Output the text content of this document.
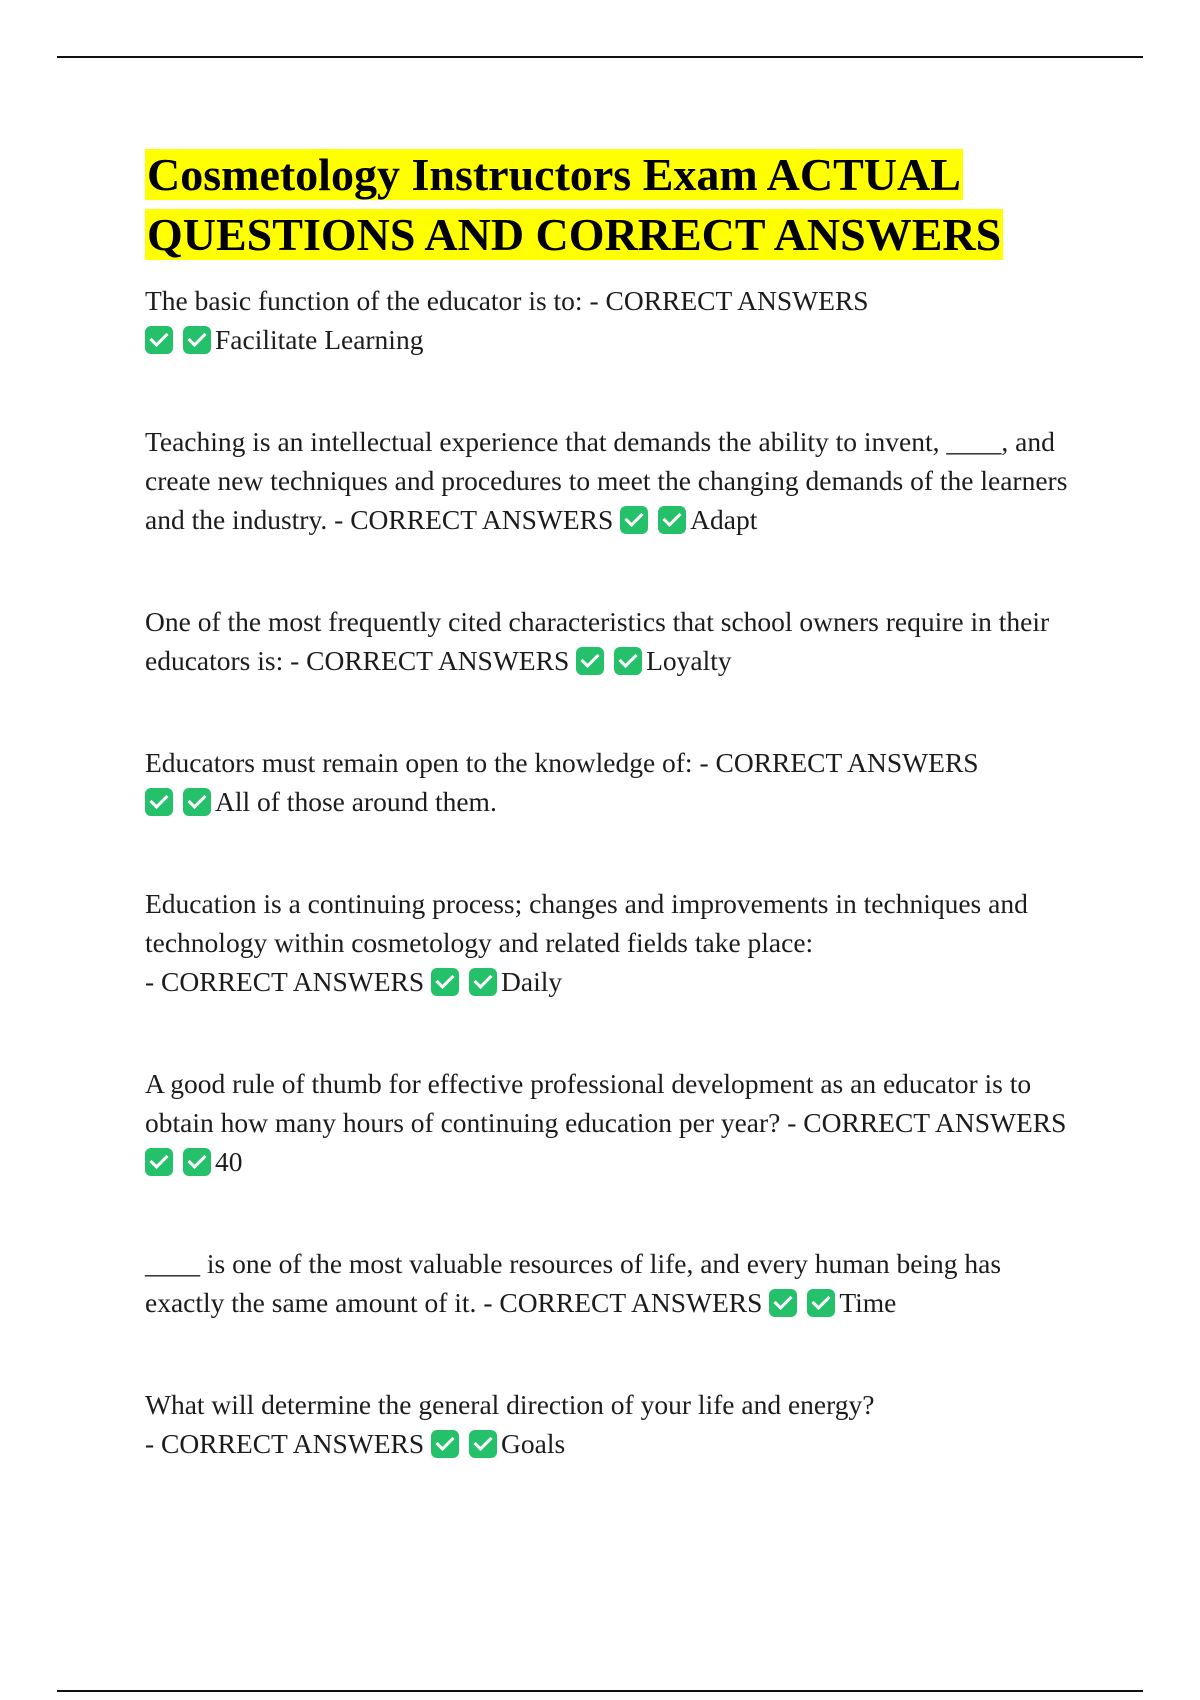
Cosmetology Instructors Exam ACTUAL
QUESTIONS AND CORRECT ANSWERS

The basic function of the educator is to: - CORRECT ANSWERS Facilitate Learning

Teaching is an intellectual experience that demands the ability to invent, ____, and create new techniques and procedures to meet the changing demands of the learners and the industry. - CORRECT ANSWERS	Adapt

One of the most frequently cited characteristics that school owners require in their educators is: - CORRECT ANSWERS	Loyalty

Educators must remain open to the knowledge of: - CORRECT ANSWERS All of those around them.

Education is a continuing process; changes and improvements in techniques and technology within cosmetology and related fields take place: - CORRECT ANSWERS	Daily

A good rule of thumb for effective professional development as an educator is to obtain how many hours of continuing education per year? - CORRECT ANSWERS 40

____ is one of the most valuable resources of life, and every human being has exactly the same amount of it. - CORRECT ANSWERS	Time

What will determine the general direction of your life and energy? - CORRECT ANSWERS	Goals
